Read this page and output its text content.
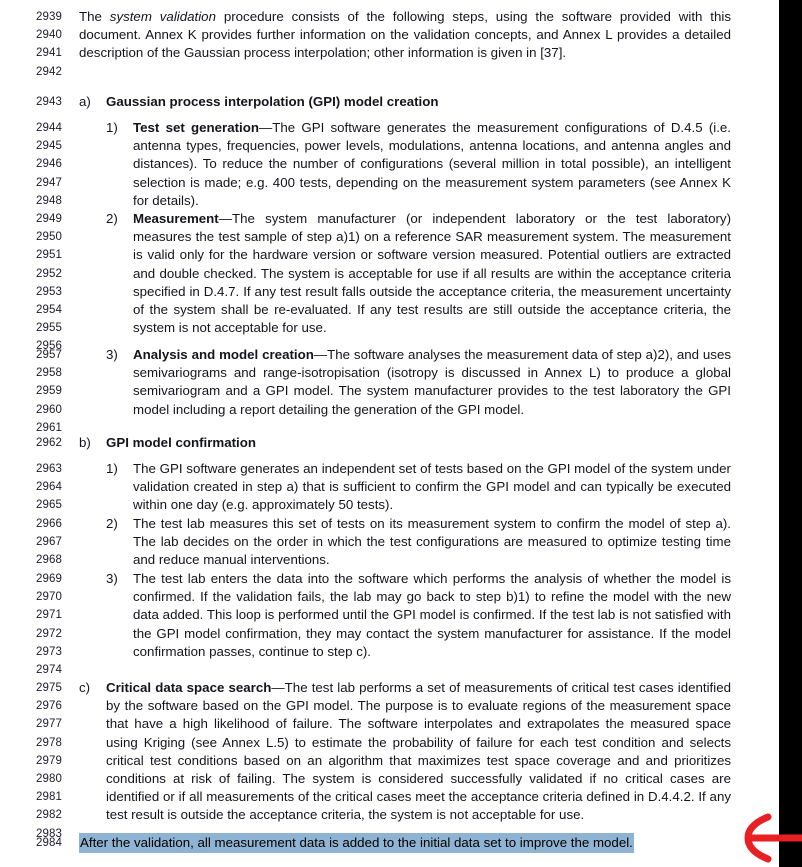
2939
2940
2941
2942
The system validation procedure consists of the following steps, using the software provided with this document. Annex K provides further information on the validation concepts, and Annex L provides a detailed description of the Gaussian process interpolation; other information is given in [37].
2943 a) Gaussian process interpolation (GPI) model creation
2944
2945
2946
2947
2948
1) Test set generation—The GPI software generates the measurement configurations of D.4.5 (i.e. antenna types, frequencies, power levels, modulations, antenna locations, and antenna angles and distances). To reduce the number of configurations (several million in total possible), an intelligent selection is made; e.g. 400 tests, depending on the measurement system parameters (see Annex K for details).
2949
2950
2951
2952
2953
2954
2955
2956
2) Measurement—The system manufacturer (or independent laboratory or the test laboratory) measures the test sample of step a)1) on a reference SAR measurement system. The measurement is valid only for the hardware version or software version measured. Potential outliers are extracted and double checked. The system is acceptable for use if all results are within the acceptance criteria specified in D.4.7. If any test result falls outside the acceptance criteria, the measurement uncertainty of the system shall be re-evaluated. If any test results are still outside the acceptance criteria, the system is not acceptable for use.
2957
2958
2959
2960
2961
3) Analysis and model creation—The software analyses the measurement data of step a)2), and uses semivariograms and range-isotropisation (isotropy is discussed in Annex L) to produce a global semivariogram and a GPI model. The system manufacturer provides to the test laboratory the GPI model including a report detailing the generation of the GPI model.
2962 b) GPI model confirmation
2963
2964
2965
1) The GPI software generates an independent set of tests based on the GPI model of the system under validation created in step a) that is sufficient to confirm the GPI model and can typically be executed within one day (e.g. approximately 50 tests).
2966
2967
2968
2) The test lab measures this set of tests on its measurement system to confirm the model of step a). The lab decides on the order in which the test configurations are measured to optimize testing time and reduce manual interventions.
2969
2970
2971
2972
2973
2974
3) The test lab enters the data into the software which performs the analysis of whether the model is confirmed. If the validation fails, the lab may go back to step b)1) to refine the model with the new data added. This loop is performed until the GPI model is confirmed. If the test lab is not satisfied with the GPI model confirmation, they may contact the system manufacturer for assistance. If the model confirmation passes, continue to step c).
2975
2976
2977
2978
2979
2980
2981
2982
2983
c) Critical data space search—The test lab performs a set of measurements of critical test cases identified by the software based on the GPI model. The purpose is to evaluate regions of the measurement space that have a high likelihood of failure. The software interpolates and extrapolates the measured space using Kriging (see Annex L.5) to estimate the probability of failure for each test condition and selects critical test conditions based on an algorithm that maximizes test space coverage and and prioritizes conditions at risk of failing. The system is considered successfully validated if no critical cases are identified or if all measurements of the critical cases meet the acceptance criteria defined in D.4.4.2. If any test result is outside the acceptance criteria, the system is not acceptable for use.
2984 After the validation, all measurement data is added to the initial data set to improve the model.
